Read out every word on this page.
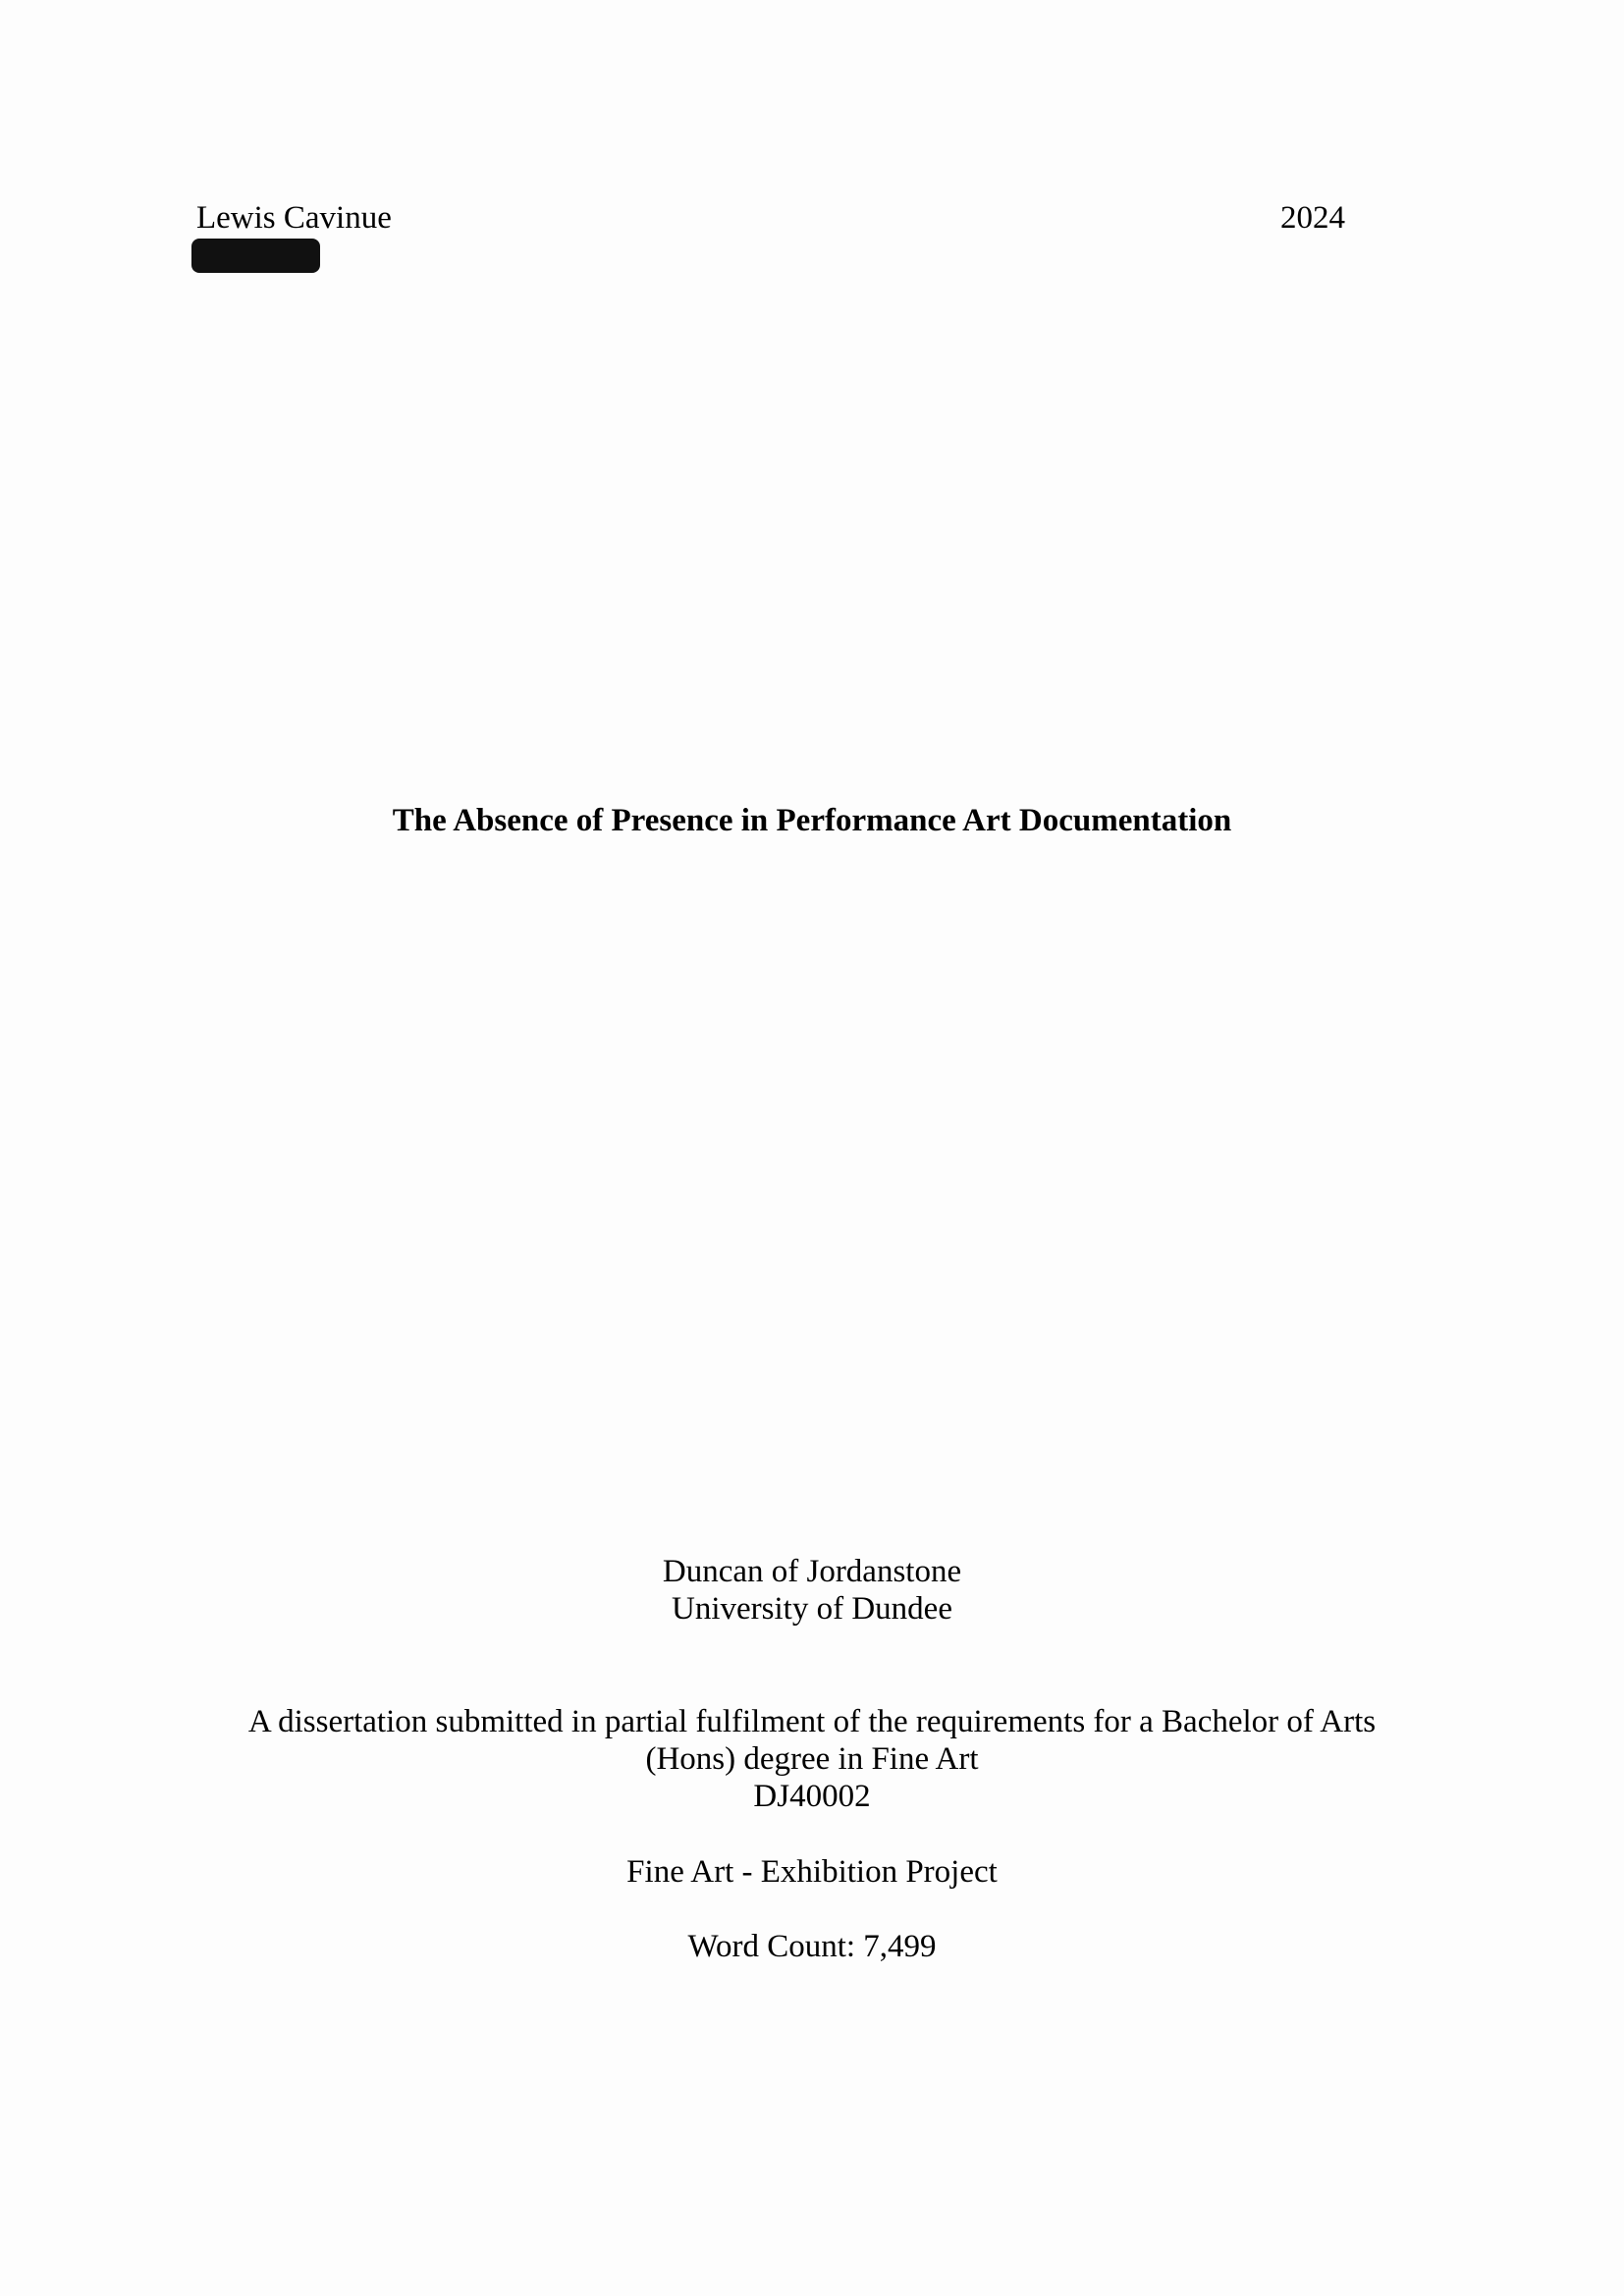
Lewis Cavinue	2024
The Absence of Presence in Performance Art Documentation
Duncan of Jordanstone
University of Dundee
A dissertation submitted in partial fulfilment of the requirements for a Bachelor of Arts
(Hons) degree in Fine Art
DJ40002
Fine Art - Exhibition Project
Word Count: 7,499
